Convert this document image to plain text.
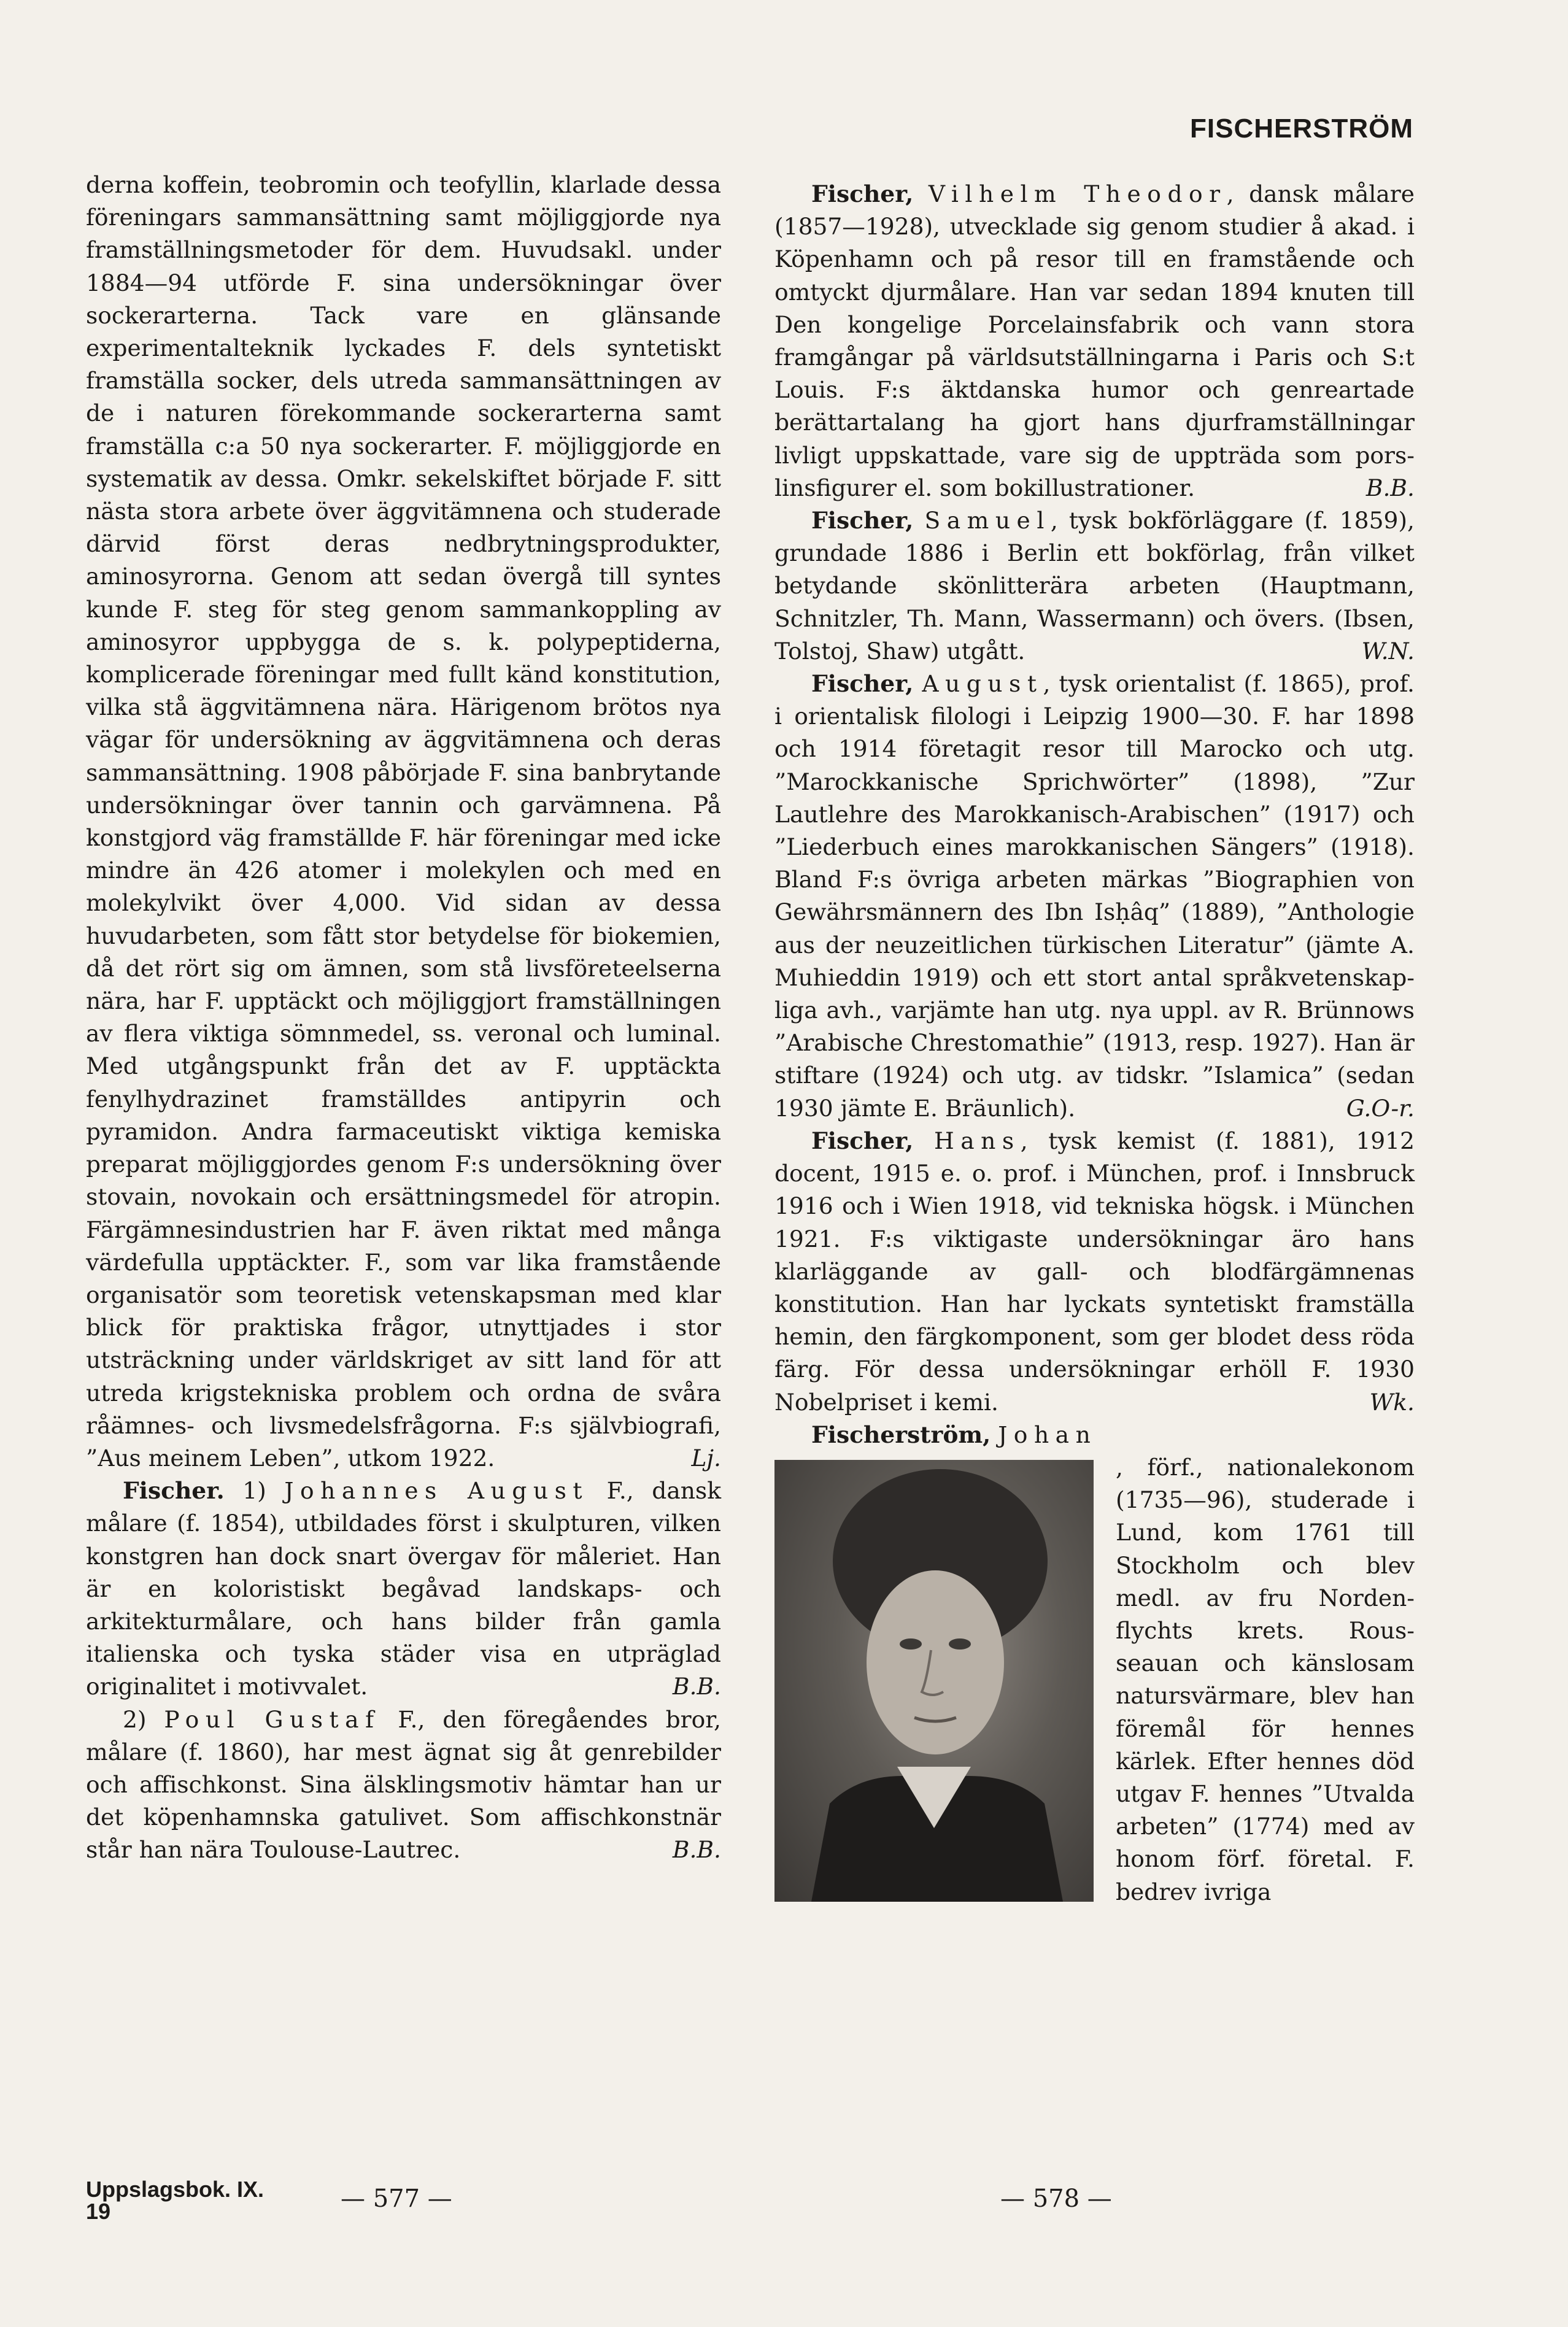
FISCHERSTRÖM

derna koffein, teobromin och teofyllin, klarlade dessa föreningars sammansättning samt möjliggjorde nya framställningsmetoder för dem. Huvudsakl. under 1884—94 utförde F. sina undersökningar över sockerarterna. Tack vare en glänsande experimentalteknik lyckades F. dels syntetiskt framställa socker, dels utreda sammansättningen av de i naturen förekommande sockerarterna samt framställa c:a 50 nya sockerarter. F. möjliggjorde en systematik av dessa. Omkr. sekelskiftet började F. sitt nästa stora arbete över äggvitämnena och studerade därvid först deras nedbrytningsprodukter, aminosyrorna. Genom att sedan övergå till syntes kunde F. steg för steg genom sammankoppling av aminosyror uppbygga de s. k. polypeptiderna, komplicerade föreningar med fullt känd konstitution, vilka stå äggvitämnena nära. Härigenom brötos nya vägar för undersökning av äggvitämnena och deras sammansättning. 1908 påbörjade F. sina banbrytande undersökningar över tannin och garvämnena. På konstgjord väg framställde F. här föreningar med icke mindre än 426 atomer i molekylen och med en molekylvikt över 4,000. Vid sidan av dessa huvudarbeten, som fått stor betydelse för biokemien, då det rört sig om ämnen, som stå livsföreteelserna nära, har F. upptäckt och möjliggjort framställningen av flera viktiga sömnmedel, ss. veronal och luminal. Med utgångspunkt från det av F. upptäckta fenylhydrazinet framställdes antipyrin och pyramidon. Andra farmaceutiskt viktiga kemiska preparat möjliggjordes genom F:s undersökning över stovain, novokain och ersättningsmedel för atropin. Färgämnesindustrien har F. även riktat med många värdefulla upptäckter. F., som var lika framstående organisatör som teoretisk vetenskapsman med klar blick för praktiska frågor, utnyttjades i stor utsträckning under världskriget av sitt land för att utreda krigstekniska problem och ordna de svåra råämnes- och livsmedelsfrågorna. F:s självbiografi, ”Aus meinem Leben”, utkom 1922.	Lj.

Fischer. 1) Johannes August F., dansk målare (f. 1854), utbildades först i skulpturen, vilken konstgren han dock snart övergav för måleriet. Han är en koloristiskt begåvad landskaps- och arkitekturmålare, och hans bilder från gamla italienska och tyska städer visa en utpräglad originalitet i motivvalet.	B.B.

2) Poul Gustaf F., den föregåendes bror, målare (f. 1860), har mest ägnat sig åt genrebilder och affischkonst. Sina älsklingsmotiv hämtar han ur det köpenhamnska gatulivet. Som affischkonstnär står han nära Toulouse-Lautrec.	B.B.

Fischer, Vilhelm Theodor, dansk målare (1857—1928), utvecklade sig genom studier å akad. i Köpenhamn och på resor till en framstående och omtyckt djurmålare. Han var sedan 1894 knuten till Den kongelige Porcelainsfabrik och vann stora framgångar på världsutställningarna i Paris och S:t Louis. F:s äktdanska humor och genreartade berättartalang ha gjort hans djurframställningar livligt uppskattade, vare sig de uppträda som porslinsfigurer el. som bokillustrationer.	B.B.

Fischer, Samuel, tysk bokförläggare (f. 1859), grundade 1886 i Berlin ett bokförlag, från vilket betydande skönlitterära arbeten (Hauptmann, Schnitzler, Th. Mann, Wassermann) och övers. (Ibsen, Tolstoj, Shaw) utgått.	W.N.

Fischer, August, tysk orientalist (f. 1865), prof. i orientalisk filologi i Leipzig 1900—30. F. har 1898 och 1914 företagit resor till Marocko och utg. ”Marockkanische Sprichwörter” (1898), ”Zur Lautlehre des Marokkanisch-Arabischen” (1917) och ”Liederbuch eines marokkanischen Sängers” (1918). Bland F:s övriga arbeten märkas ”Biographien von Gewährsmännern des Ibn Isḥâq” (1889), ”Anthologie aus der neuzeitlichen türkischen Literatur” (jämte A. Muhieddin 1919) och ett stort antal språkvetenskapliga avh., varjämte han utg. nya uppl. av R. Brünnows ”Arabische Chrestomathie” (1913, resp. 1927). Han är stiftare (1924) och utg. av tidskr. ”Islamica” (sedan 1930 jämte E. Bräunlich).	G.O-r.

Fischer, Hans, tysk kemist (f. 1881), 1912 docent, 1915 e. o. prof. i München, prof. i Innsbruck 1916 och i Wien 1918, vid tekniska högsk. i München 1921. F:s viktigaste undersökningar äro hans klarläggande av gall- och blodfärgämnenas konstitution. Han har lyckats syntetiskt framställa hemin, den färgkomponent, som ger blodet dess röda färg. För dessa undersökningar erhöll F. 1930 Nobelpriset i kemi.	Wk.

Fischerström, Johan

, förf., nationalekonom (1735—96), studerade i Lund, kom 1761 till Stockholm och blev medl. av fru Nordenflychts krets. Rousseauan och känslosam natursvärmare, blev han föremål för hennes kärlek. Efter hennes död utgav F. hennes ”Utvalda arbeten” (1774) med av honom förf. företal. F. bedrev ivriga

Uppslagsbok. IX.
19	— 577 —	— 578 —
